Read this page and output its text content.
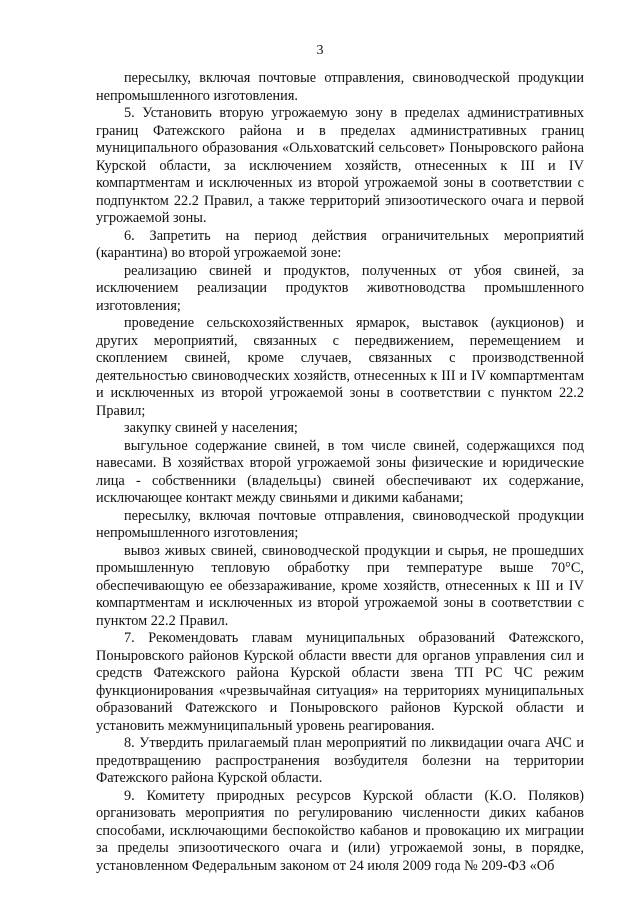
3

пересылку, включая почтовые отправления, свиноводческой продукции непромышленного изготовления.

5. Установить вторую угрожаемую зону в пределах административных границ Фатежского района и в пределах административных границ муниципального образования «Ольховатский сельсовет» Поныровского района Курской области, за исключением хозяйств, отнесенных к III и IV компартментам и исключенных из второй угрожаемой зоны в соответствии с подпунктом 22.2 Правил, а также территорий эпизоотического очага и первой угрожаемой зоны.

6. Запретить на период действия ограничительных мероприятий (карантина) во второй угрожаемой зоне:

реализацию свиней и продуктов, полученных от убоя свиней, за исключением реализации продуктов животноводства промышленного изготовления;

проведение сельскохозяйственных ярмарок, выставок (аукционов) и других мероприятий, связанных с передвижением, перемещением и скоплением свиней, кроме случаев, связанных с производственной деятельностью свиноводческих хозяйств, отнесенных к III и IV компартментам и исключенных из второй угрожаемой зоны в соответствии с пунктом 22.2 Правил;

закупку свиней у населения;

выгульное содержание свиней, в том числе свиней, содержащихся под навесами. В хозяйствах второй угрожаемой зоны физические и юридические лица - собственники (владельцы) свиней обеспечивают их содержание, исключающее контакт между свиньями и дикими кабанами;

пересылку, включая почтовые отправления, свиноводческой продукции непромышленного изготовления;

вывоз живых свиней, свиноводческой продукции и сырья, не прошедших промышленную тепловую обработку при температуре выше 70°С, обеспечивающую ее обеззараживание, кроме хозяйств, отнесенных к III и IV компартментам и исключенных из второй угрожаемой зоны в соответствии с пунктом 22.2 Правил.

7. Рекомендовать главам муниципальных образований Фатежского, Поныровского районов Курской области ввести для органов управления сил и средств Фатежского района Курской области звена ТП РС ЧС режим функционирования «чрезвычайная ситуация» на территориях муниципальных образований Фатежского и Поныровского районов Курской области и установить межмуниципальный уровень реагирования.

8. Утвердить прилагаемый план мероприятий по ликвидации очага АЧС и предотвращению распространения возбудителя болезни на территории Фатежского района Курской области.

9. Комитету природных ресурсов Курской области (К.О. Поляков) организовать мероприятия по регулированию численности диких кабанов способами, исключающими беспокойство кабанов и провокацию их миграции за пределы эпизоотического очага и (или) угрожаемой зоны, в порядке, установленном Федеральным законом от 24 июля 2009 года № 209-ФЗ «Об
